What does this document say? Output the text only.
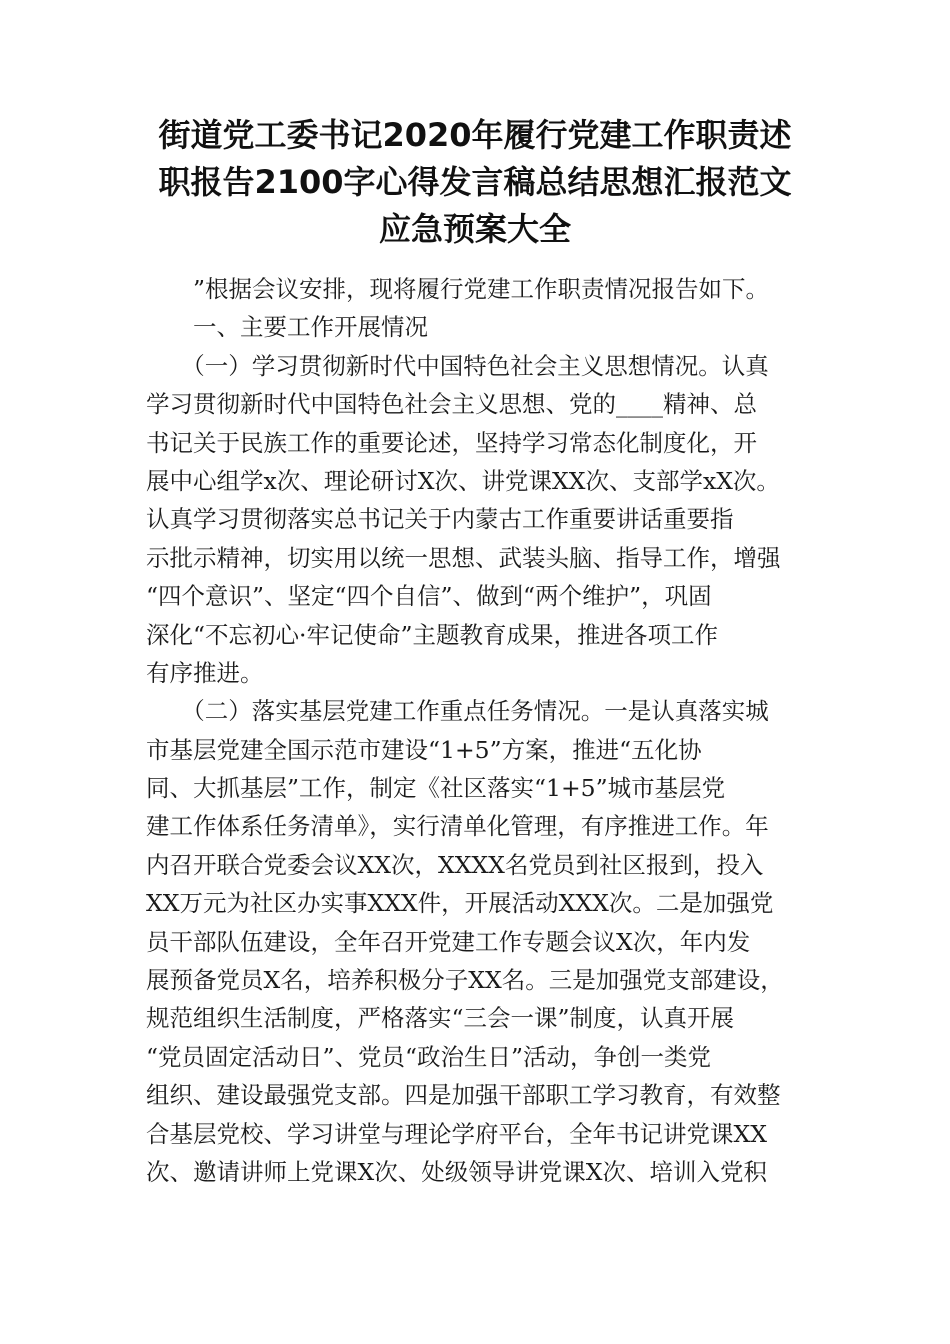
街道党工委书记2020年履行党建工作职责述
职报告2100字心得发言稿总结思想汇报范文
应急预案大全
　　”根据会议安排，现将履行党建工作职责情况报告如下。
　　一、主要工作开展情况
　　（一）学习贯彻新时代中国特色社会主义思想情况。认真
学习贯彻新时代中国特色社会主义思想、党的____精神、总
书记关于民族工作的重要论述，坚持学习常态化制度化，开
展中心组学x次、理论研讨X次、讲党课XX次、支部学xX次。
认真学习贯彻落实总书记关于内蒙古工作重要讲话重要指
示批示精神，切实用以统一思想、武装头脑、指导工作，增强
“四个意识”、坚定“四个自信”、做到“两个维护”，巩固
深化“不忘初心·牢记使命”主题教育成果，推进各项工作
有序推进。
　　（二）落实基层党建工作重点任务情况。一是认真落实城
市基层党建全国示范市建设“1+5”方案，推进“五化协
同、大抓基层”工作，制定《社区落实“1+5”城市基层党
建工作体系任务清单》，实行清单化管理，有序推进工作。年
内召开联合党委会议XX次，XXXX名党员到社区报到，投入
XX万元为社区办实事XXX件，开展活动XXX次。二是加强党
员干部队伍建设，全年召开党建工作专题会议X次，年内发
展预备党员X名，培养积极分子XX名。三是加强党支部建设，
规范组织生活制度，严格落实“三会一课”制度，认真开展
“党员固定活动日”、党员“政治生日”活动，争创一类党
组织、建设最强党支部。四是加强干部职工学习教育，有效整
合基层党校、学习讲堂与理论学府平台，全年书记讲党课XX
次、邀请讲师上党课X次、处级领导讲党课X次、培训入党积
